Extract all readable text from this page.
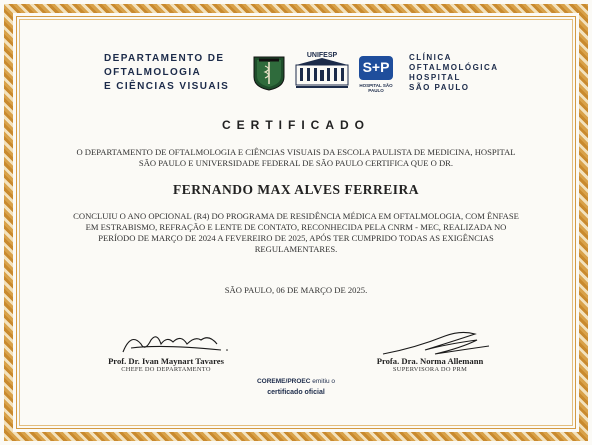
DEPARTAMENTO DE
OFTALMOLOGIA
E CIÊNCIAS VISUAIS
UNIFESP
S+P
HOSPITAL SÃO PAULO
CLÍNICA
OFTALMOLÓGICA
HOSPITAL
SÃO PAULO
CERTIFICADO
O DEPARTAMENTO DE OFTALMOLOGIA E CIÊNCIAS VISUAIS DA ESCOLA PAULISTA DE MEDICINA, HOSPITAL SÃO PAULO E UNIVERSIDADE FEDERAL DE SÃO PAULO CERTIFICA QUE O DR.
FERNANDO MAX ALVES FERREIRA
CONCLUIU O ANO OPCIONAL (R4) DO PROGRAMA DE RESIDÊNCIA MÉDICA EM OFTALMOLOGIA, COM ÊNFASE EM ESTRABISMO, REFRAÇÃO E LENTE DE CONTATO, RECONHECIDA PELA CNRM - MEC, REALIZADA NO PERÍODO DE MARÇO DE 2024 A FEVEREIRO DE 2025, APÓS TER CUMPRIDO TODAS AS EXIGÊNCIAS REGULAMENTARES.
SÃO PAULO, 06 DE MARÇO DE 2025.
Prof. Dr. Ivan Maynart Tavares
CHEFE DO DEPARTAMENTO
Profa. Dra. Norma Allemann
SUPERVISORA DO PRM
COREME/PROEC emitiu o
certificado oficial
